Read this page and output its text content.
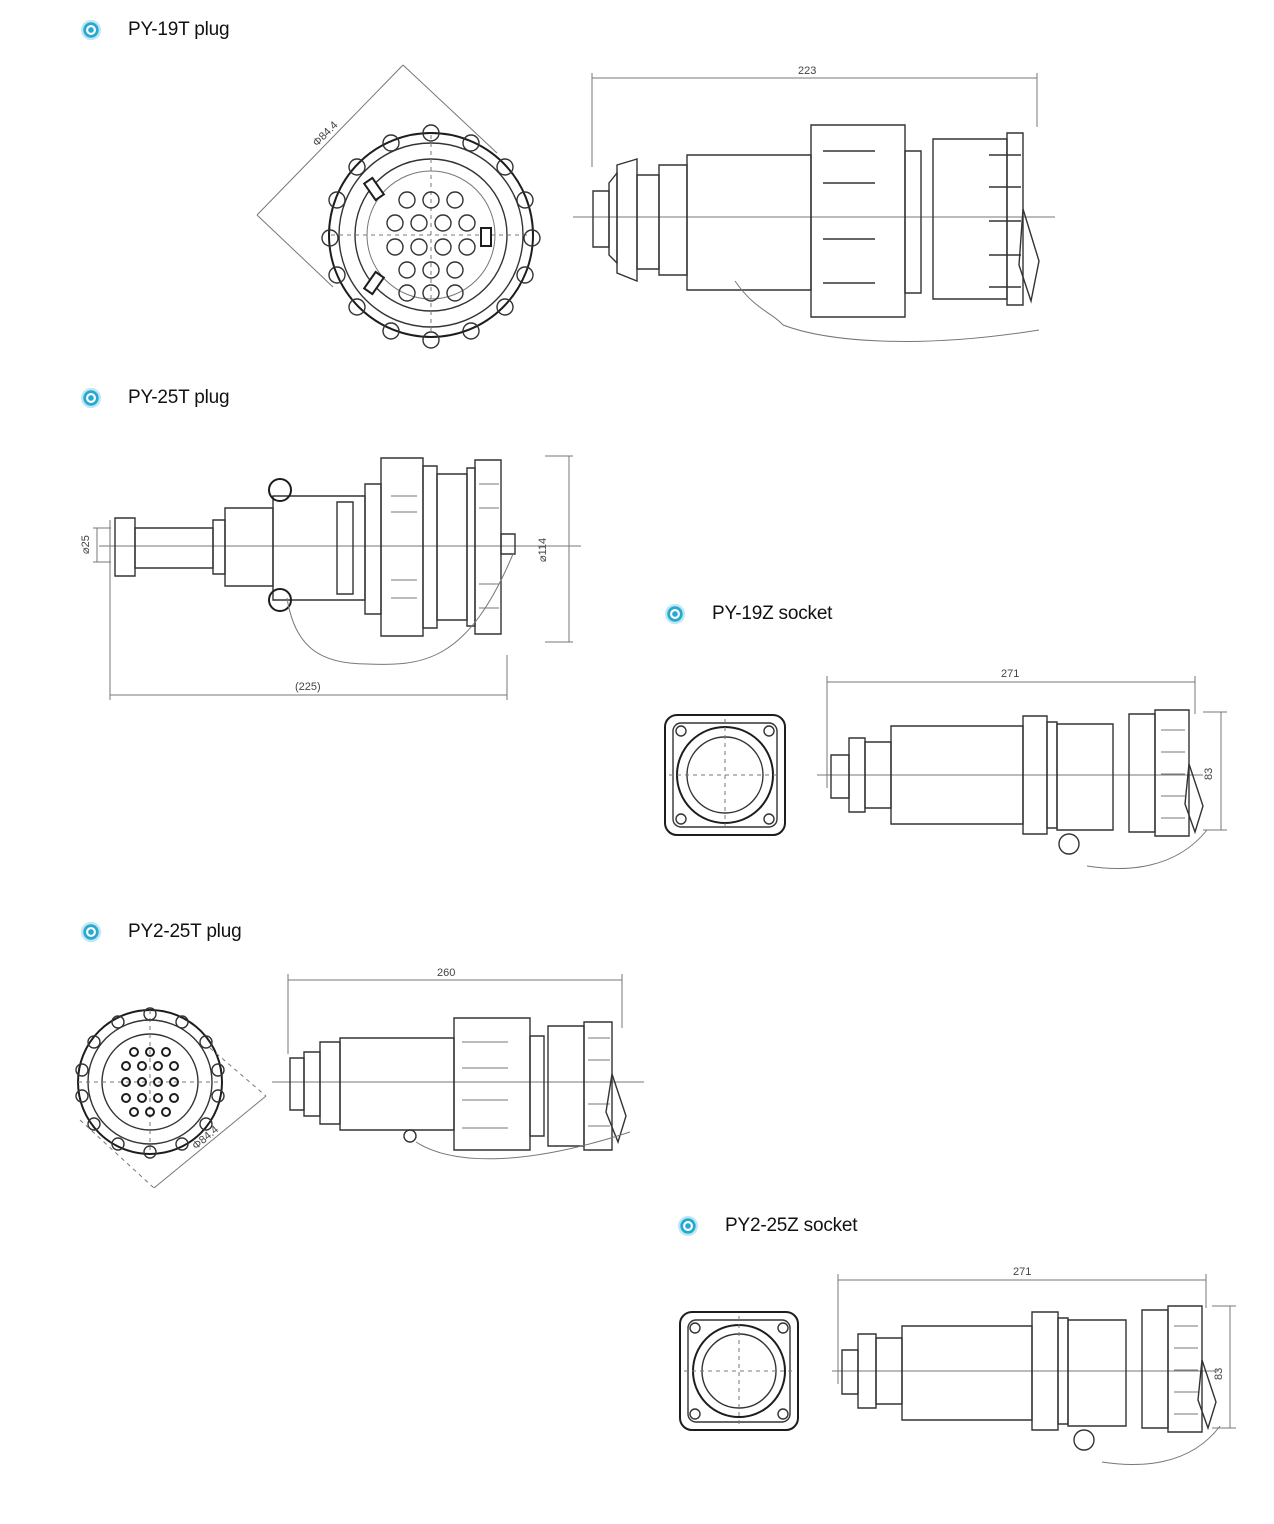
PY-19T plug
PY-25T plug
PY-19Z socket
PY2-25T plug
PY2-25Z socket
Φ84.4
223
(225)
⌀114
⌀25
271
83
Φ84.4
260
271
83
